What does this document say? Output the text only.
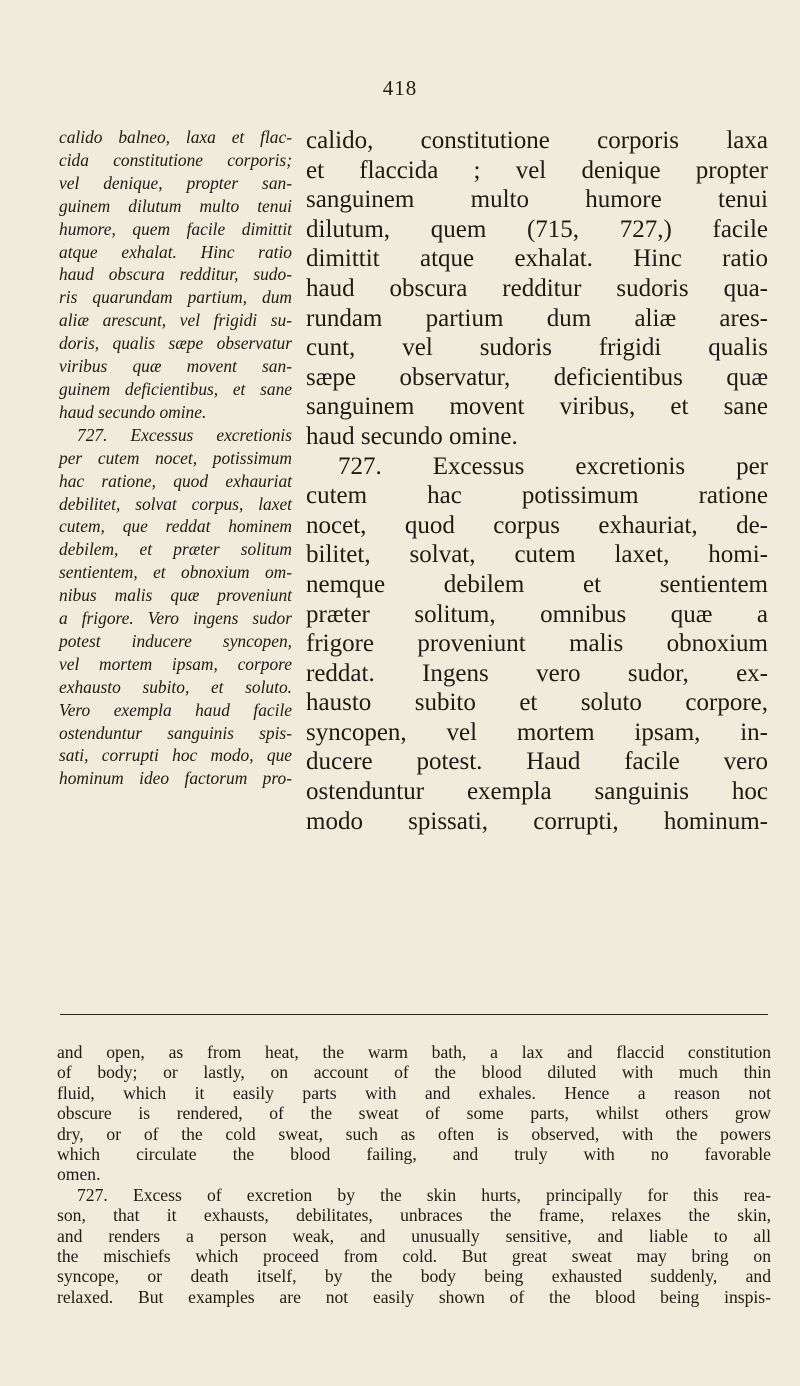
418
calido balneo, laxa et flac-
cida constitutione corporis;
vel denique, propter san-
guinem dilutum multo tenui
humore, quem facile dimittit
atque exhalat. Hinc ratio
haud obscura redditur, sudo-
ris quarundam partium, dum
aliæ arescunt, vel frigidi su-
doris, qualis sæpe observatur
viribus quæ movent san-
guinem deficientibus, et sane
haud secundo omine.
727. Excessus excretionis
per cutem nocet, potissimum
hac ratione, quod exhauriat
debilitet, solvat corpus, laxet
cutem, que reddat hominem
debilem, et præter solitum
sentientem, et obnoxium om-
nibus malis quæ proveniunt
a frigore. Vero ingens sudor
potest inducere syncopen,
vel mortem ipsam, corpore
exhausto subito, et soluto.
Vero exempla haud facile
ostenduntur sanguinis spis-
sati, corrupti hoc modo, que
hominum ideo factorum pro-
calido, constitutione corporis laxa
et flaccida ; vel denique propter
sanguinem multo humore tenui
dilutum, quem (715, 727,) facile
dimittit atque exhalat. Hinc ratio
haud obscura redditur sudoris qua-
rundam partium dum aliæ ares-
cunt, vel sudoris frigidi qualis
sæpe observatur, deficientibus quæ
sanguinem movent viribus, et sane
haud secundo omine.
727. Excessus excretionis per
cutem hac potissimum ratione
nocet, quod corpus exhauriat, de-
bilitet, solvat, cutem laxet, homi-
nemque debilem et sentientem
præter solitum, omnibus quæ a
frigore proveniunt malis obnoxium
reddat. Ingens vero sudor, ex-
hausto subito et soluto corpore,
syncopen, vel mortem ipsam, in-
ducere potest. Haud facile vero
ostenduntur exempla sanguinis hoc
modo spissati, corrupti, hominum-
and open, as from heat, the warm bath, a lax and flaccid constitution
of body; or lastly, on account of the blood diluted with much thin
fluid, which it easily parts with and exhales. Hence a reason not
obscure is rendered, of the sweat of some parts, whilst others grow
dry, or of the cold sweat, such as often is observed, with the powers
which circulate the blood failing, and truly with no favorable
omen.
727. Excess of excretion by the skin hurts, principally for this rea-
son, that it exhausts, debilitates, unbraces the frame, relaxes the skin,
and renders a person weak, and unusually sensitive, and liable to all
the mischiefs which proceed from cold. But great sweat may bring on
syncope, or death itself, by the body being exhausted suddenly, and
relaxed. But examples are not easily shown of the blood being inspis-
